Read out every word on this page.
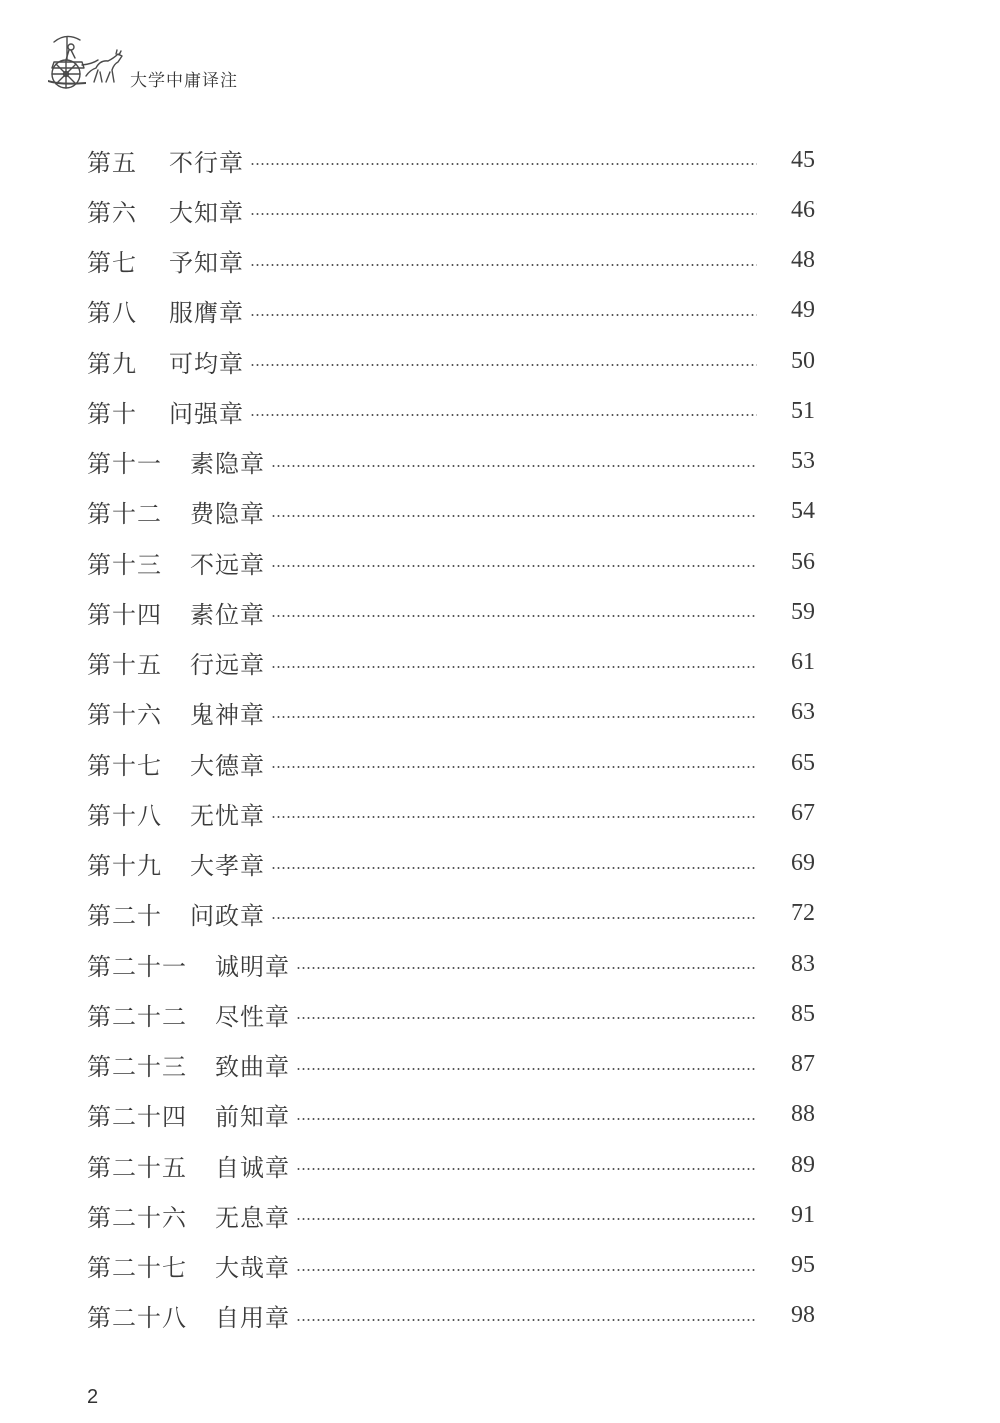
大学中庸译注
第五 不行章	45
第六 大知章	46
第七 予知章	48
第八 服膺章	49
第九 可均章	50
第十 问强章	51
第十一 素隐章	53
第十二 费隐章	54
第十三 不远章	56
第十四 素位章	59
第十五 行远章	61
第十六 鬼神章	63
第十七 大德章	65
第十八 无忧章	67
第十九 大孝章	69
第二十 问政章	72
第二十一 诚明章	83
第二十二 尽性章	85
第二十三 致曲章	87
第二十四 前知章	88
第二十五 自诚章	89
第二十六 无息章	91
第二十七 大哉章	95
第二十八 自用章	98
2
